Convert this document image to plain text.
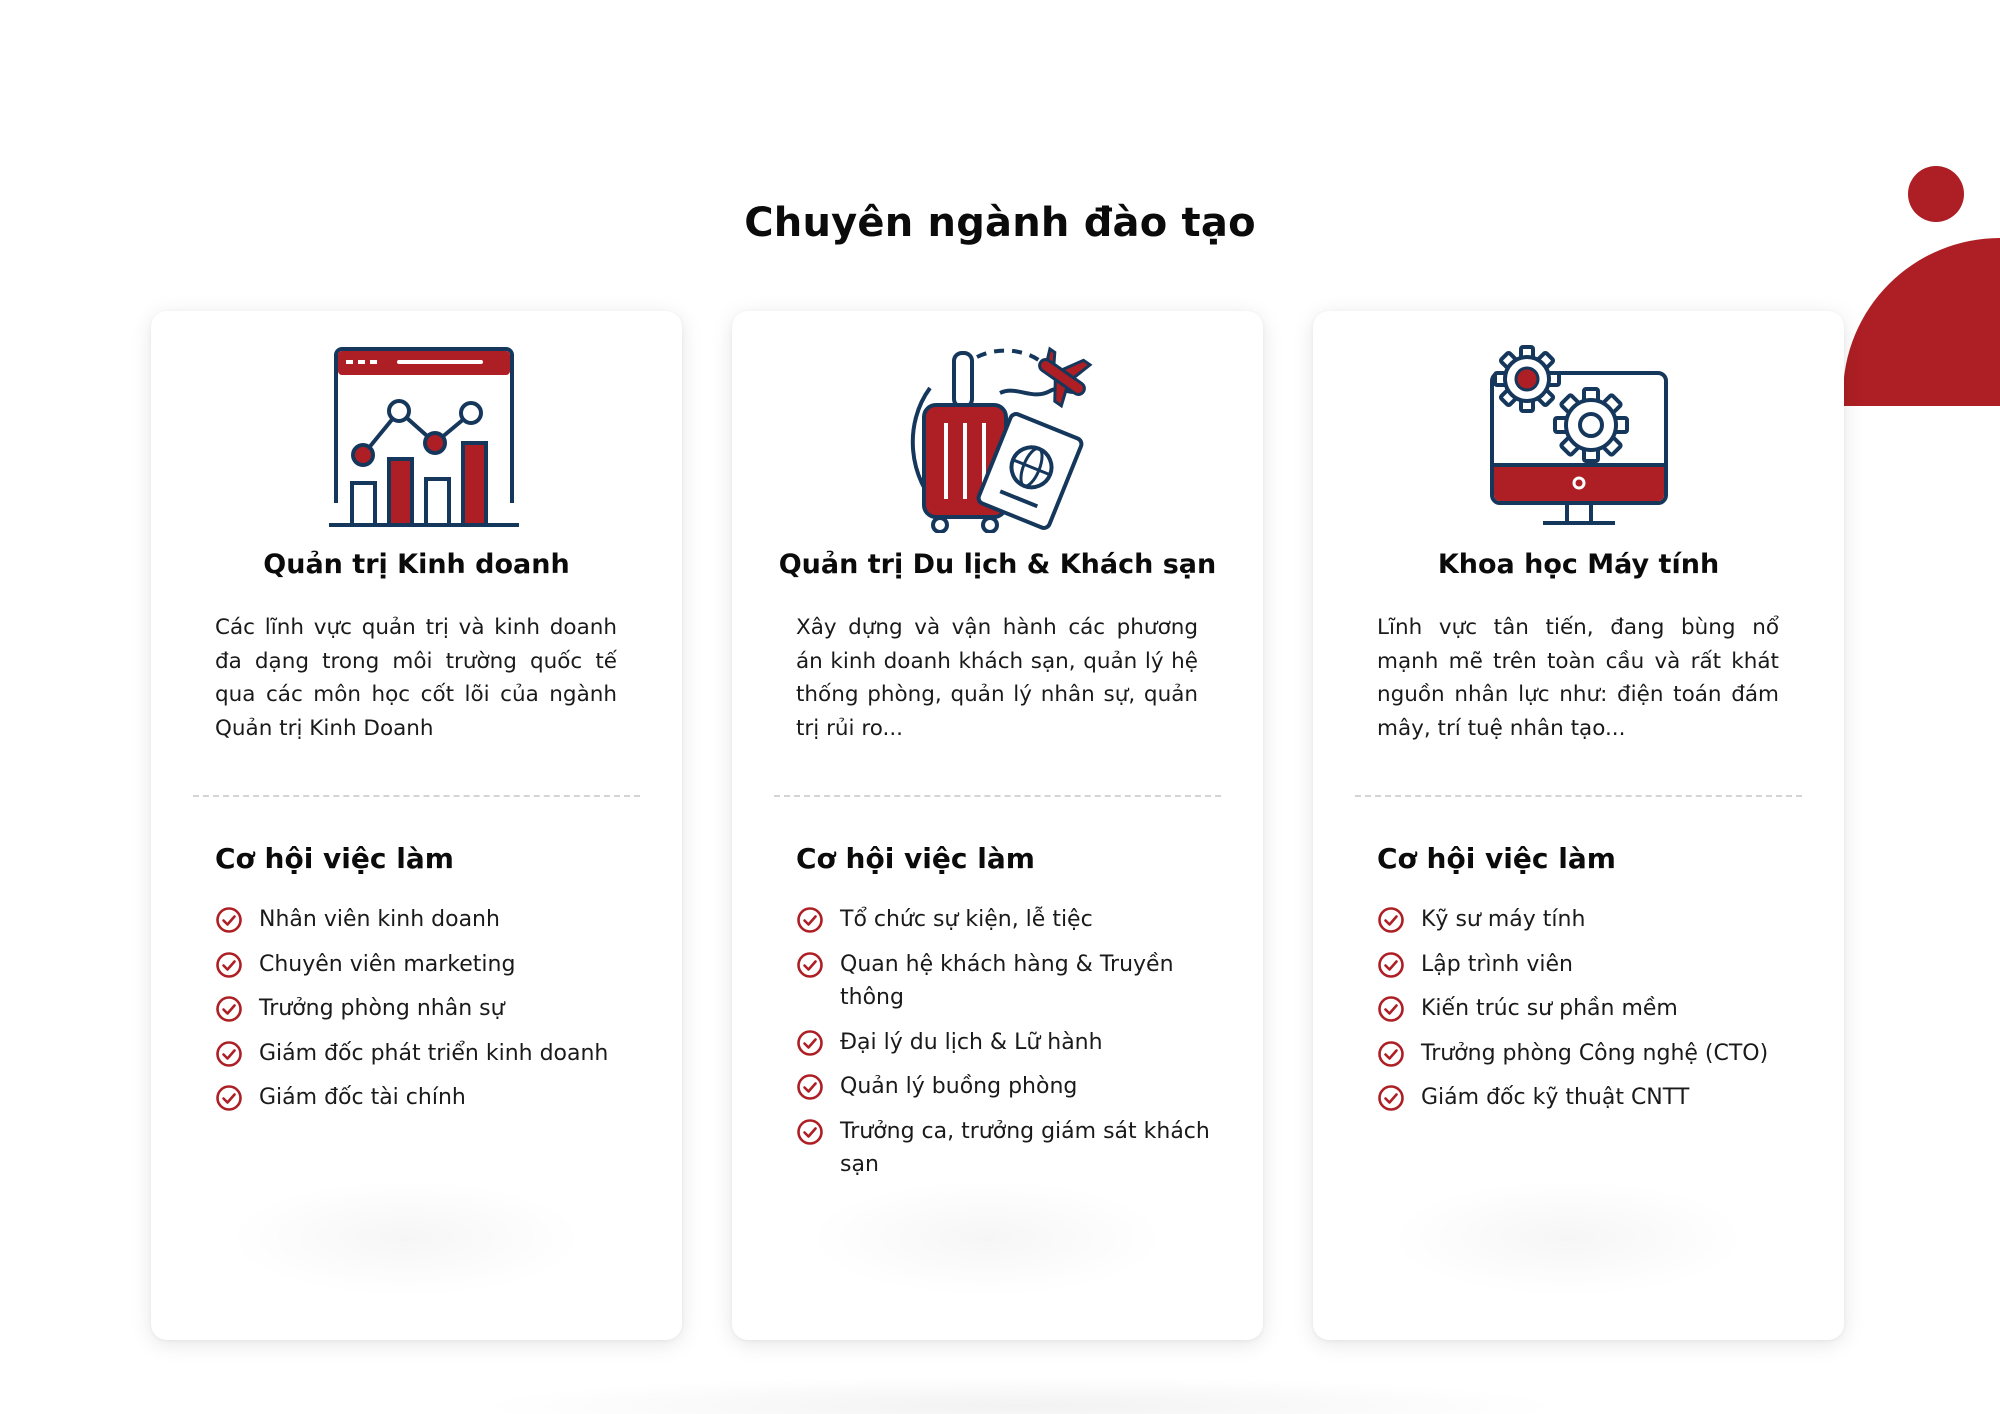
Chuyên ngành đào tạo
Quản trị Kinh doanh

Các lĩnh vực quản trị và kinh doanh đa dạng trong môi trường quốc tế qua các môn học cốt lõi của ngành Quản trị Kinh Doanh

Cơ hội việc làm
Nhân viên kinh doanh
Chuyên viên marketing
Trưởng phòng nhân sự
Giám đốc phát triển kinh doanh
Giám đốc tài chính
Quản trị Du lịch & Khách sạn

Xây dựng và vận hành các phương án kinh doanh khách sạn, quản lý hệ thống phòng, quản lý nhân sự, quản trị rủi ro...

Cơ hội việc làm
Tổ chức sự kiện, lễ tiệc
Quan hệ khách hàng & Truyền thông
Đại lý du lịch & Lữ hành
Quản lý buồng phòng
Trưởng ca, trưởng giám sát khách sạn
Khoa học Máy tính

Lĩnh vực tân tiến, đang bùng nổ mạnh mẽ trên toàn cầu và rất khát nguồn nhân lực như: điện toán đám mây, trí tuệ nhân tạo...

Cơ hội việc làm
Kỹ sư máy tính
Lập trình viên
Kiến trúc sư phần mềm
Trưởng phòng Công nghệ (CTO)
Giám đốc kỹ thuật CNTT
